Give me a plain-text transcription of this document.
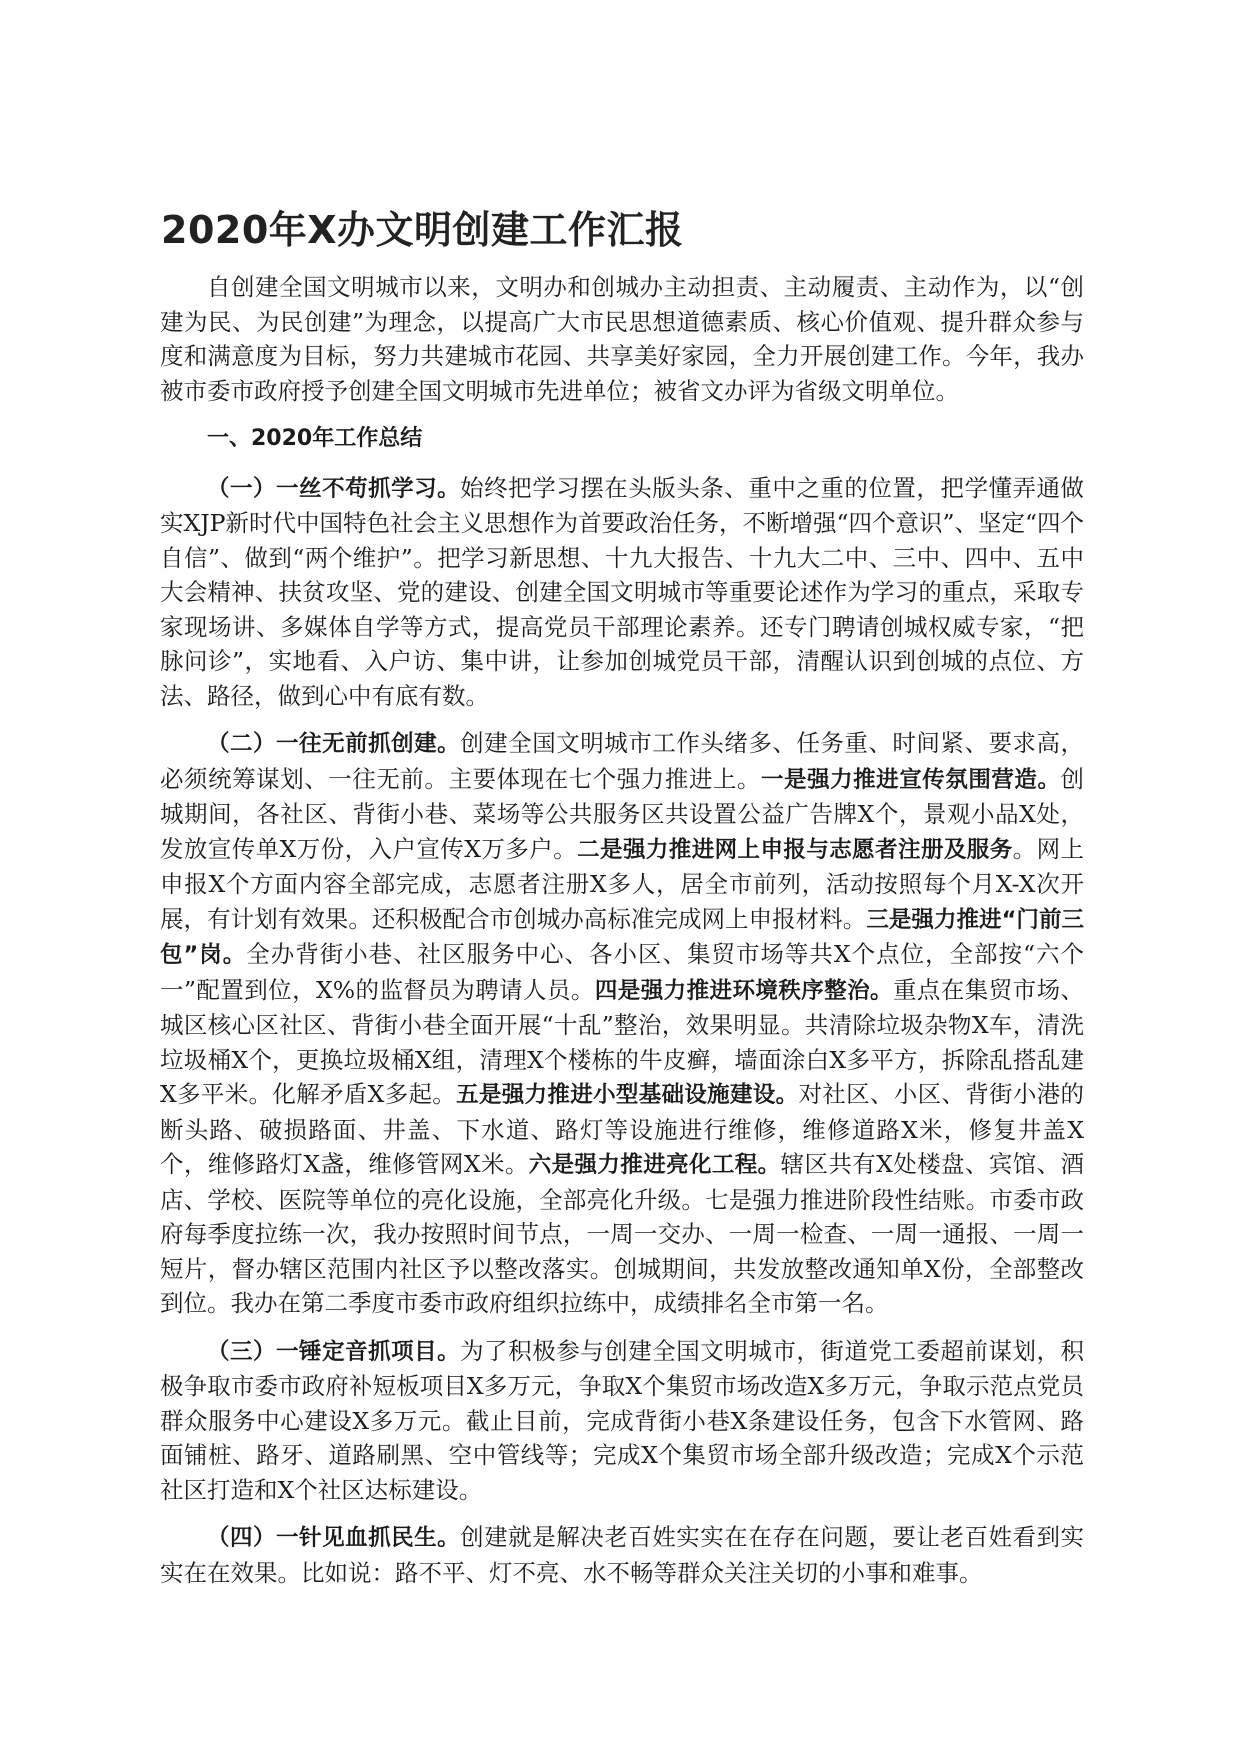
2020年X办文明创建工作汇报

自创建全国文明城市以来，文明办和创城办主动担责、主动履责、主动作为，以“创建为民、为民创建”为理念，以提高广大市民思想道德素质、核心价值观、提升群众参与度和满意度为目标，努力共建城市花园、共享美好家园，全力开展创建工作。今年，我办被市委市政府授予创建全国文明城市先进单位；被省文办评为省级文明单位。

一、2020年工作总结

（一）一丝不苟抓学习。始终把学习摆在头版头条、重中之重的位置，把学懂弄通做实XJP新时代中国特色社会主义思想作为首要政治任务，不断增强“四个意识”、坚定“四个自信”、做到“两个维护”。把学习新思想、十九大报告、十九大二中、三中、四中、五中大会精神、扶贫攻坚、党的建设、创建全国文明城市等重要论述作为学习的重点，采取专家现场讲、多媒体自学等方式，提高党员干部理论素养。还专门聘请创城权威专家，“把脉问诊”，实地看、入户访、集中讲，让参加创城党员干部，清醒认识到创城的点位、方法、路径，做到心中有底有数。

（二）一往无前抓创建。创建全国文明城市工作头绪多、任务重、时间紧、要求高，必须统筹谋划、一往无前。主要体现在七个强力推进上。一是强力推进宣传氛围营造。创城期间，各社区、背街小巷、菜场等公共服务区共设置公益广告牌X个，景观小品X处，发放宣传单X万份，入户宣传X万多户。二是强力推进网上申报与志愿者注册及服务。网上申报X个方面内容全部完成，志愿者注册X多人，居全市前列，活动按照每个月X-X次开展，有计划有效果。还积极配合市创城办高标准完成网上申报材料。三是强力推进“门前三包”岗。全办背街小巷、社区服务中心、各小区、集贸市场等共X个点位，全部按“六个一”配置到位，X%的监督员为聘请人员。四是强力推进环境秩序整治。重点在集贸市场、城区核心区社区、背街小巷全面开展“十乱”整治，效果明显。共清除垃圾杂物X车，清洗垃圾桶X个，更换垃圾桶X组，清理X个楼栋的牛皮癣，墙面涂白X多平方，拆除乱搭乱建X多平米。化解矛盾X多起。五是强力推进小型基础设施建设。对社区、小区、背街小港的断头路、破损路面、井盖、下水道、路灯等设施进行维修，维修道路X米，修复井盖X个，维修路灯X盏，维修管网X米。六是强力推进亮化工程。辖区共有X处楼盘、宾馆、酒店、学校、医院等单位的亮化设施，全部亮化升级。七是强力推进阶段性结账。市委市政府每季度拉练一次，我办按照时间节点，一周一交办、一周一检查、一周一通报、一周一短片，督办辖区范围内社区予以整改落实。创城期间，共发放整改通知单X份，全部整改到位。我办在第二季度市委市政府组织拉练中，成绩排名全市第一名。

（三）一锤定音抓项目。为了积极参与创建全国文明城市，街道党工委超前谋划，积极争取市委市政府补短板项目X多万元，争取X个集贸市场改造X多万元，争取示范点党员群众服务中心建设X多万元。截止目前，完成背街小巷X条建设任务，包含下水管网、路面铺桩、路牙、道路刷黑、空中管线等；完成X个集贸市场全部升级改造；完成X个示范社区打造和X个社区达标建设。

（四）一针见血抓民生。创建就是解决老百姓实实在在存在问题，要让老百姓看到实实在在效果。比如说：路不平、灯不亮、水不畅等群众关注关切的小事和难事。
